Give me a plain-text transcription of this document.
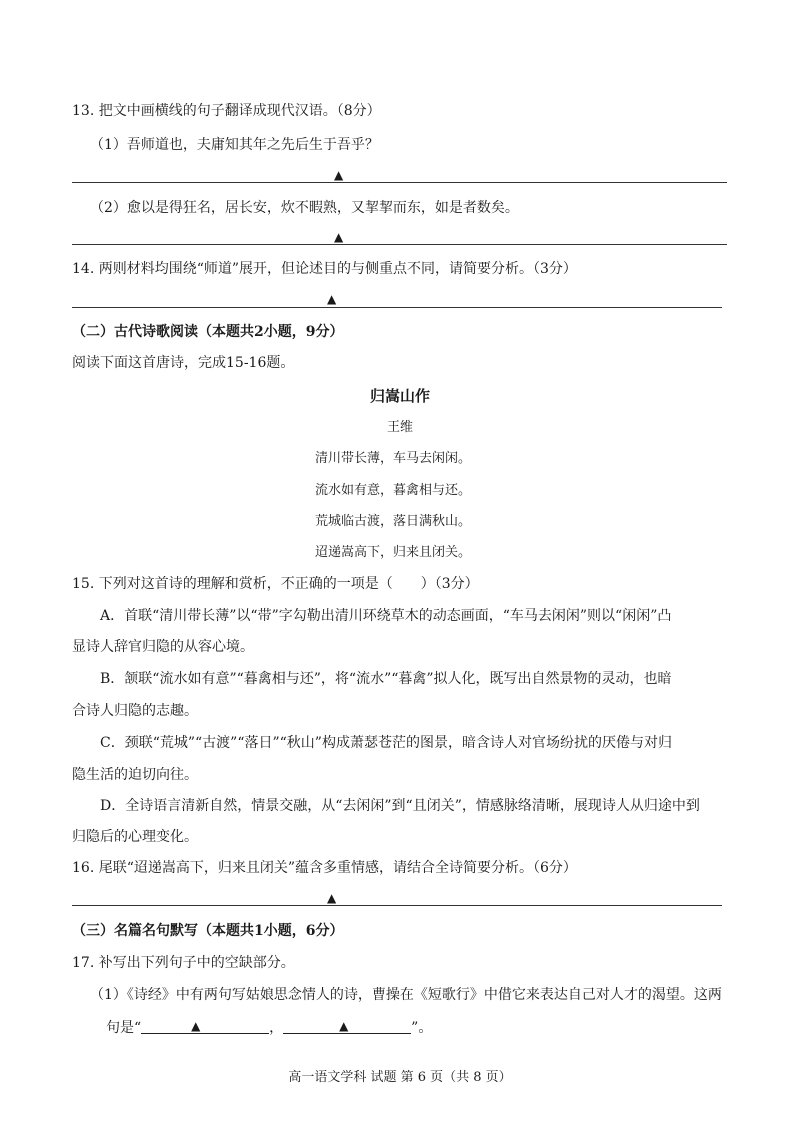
13. 把文中画横线的句子翻译成现代汉语。（8分）
（1）吾师道也，夫庸知其年之先后生于吾乎？
▲
（2）愈以是得狂名，居长安，炊不暇熟，又挈挈而东，如是者数矣。
▲
14. 两则材料均围绕“师道”展开，但论述目的与侧重点不同，请简要分析。（3分）
▲
（二）古代诗歌阅读（本题共2小题，9分）
阅读下面这首唐诗，完成15-16题。
归嵩山作
王维
清川带长薄，车马去闲闲。
流水如有意，暮禽相与还。
荒城临古渡，落日满秋山。
迢递嵩高下，归来且闭关。
15. 下列对这首诗的理解和赏析，不正确的一项是（　　）（3分）
A．首联“清川带长薄”以“带”字勾勒出清川环绕草木的动态画面，“车马去闲闲”则以“闲闲”凸
显诗人辞官归隐的从容心境。
B．颔联“流水如有意”“暮禽相与还”，将“流水”“暮禽”拟人化，既写出自然景物的灵动，也暗
合诗人归隐的志趣。
C．颈联“荒城”“古渡”“落日”“秋山”构成萧瑟苍茫的图景，暗含诗人对官场纷扰的厌倦与对归
隐生活的迫切向往。
D．全诗语言清新自然，情景交融，从“去闲闲”到“且闭关”，情感脉络清晰，展现诗人从归途中到
归隐后的心理变化。
16. 尾联“迢递嵩高下，归来且闭关”蕴含多重情感，请结合全诗简要分析。（6分）
▲
（三）名篇名句默写（本题共1小题，6分）
17. 补写出下列句子中的空缺部分。
（1）《诗经》中有两句写姑娘思念情人的诗，曹操在《短歌行》中借它来表达自己对人才的渴望。这两
句是“	▲	，	▲	”。
高一语文学科 试题 第 6 页（共 8 页）
